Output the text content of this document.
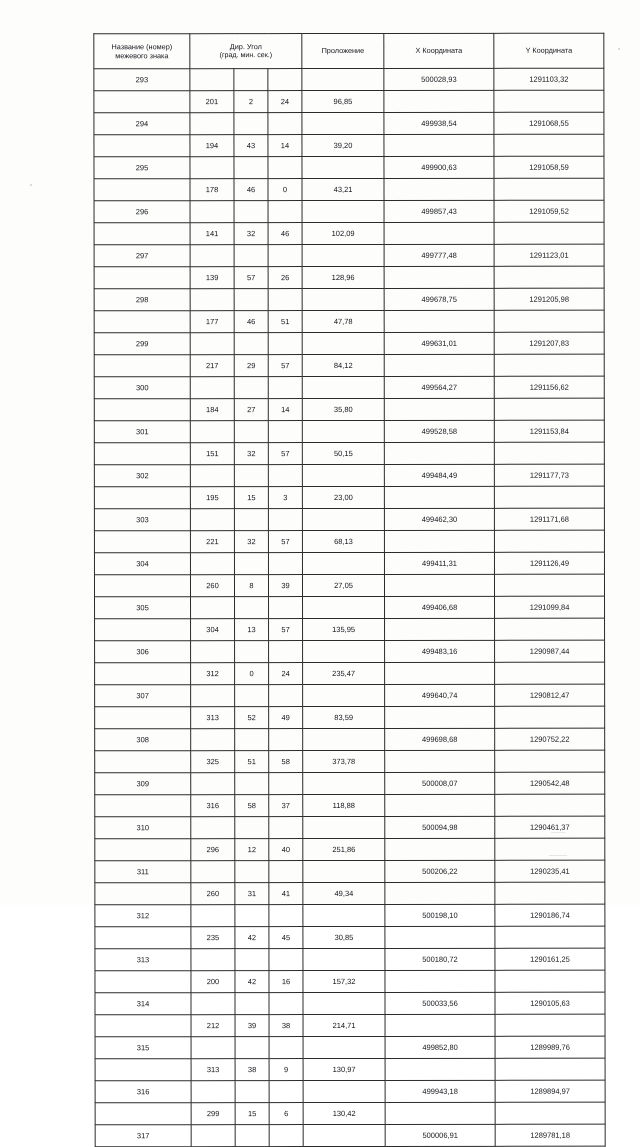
Название (номер) межевого знака	Дир. Угол
(град. мин. сек.)			Проложение	X Координата	Y Координата
293					500028,93	1291103,32
	201	2	24	96,85		
294					499938,54	1291068,55
	194	43	14	39,20		
295					499900,63	1291058,59
	178	46	0	43,21		
296					499857,43	1291059,52
	141	32	46	102,09		
297					499777,48	1291123,01
	139	57	26	128,96		
298					499678,75	1291205,98
	177	46	51	47,78		
299					499631,01	1291207,83
	217	29	57	84,12		
300					499564,27	1291156,62
	184	27	14	35,80		
301					499528,58	1291153,84
	151	32	57	50,15		
302					499484,49	1291177,73
	195	15	3	23,00		
303					499462,30	1291171,68
	221	32	57	68,13		
304					499411,31	1291126,49
	260	8	39	27,05		
305					499406,68	1291099,84
	304	13	57	135,95		
306					499483,16	1290987,44
	312	0	24	235,47		
307					499640,74	1290812,47
	313	52	49	83,59		
308					499698,68	1290752,22
	325	51	58	373,78		
309					500008,07	1290542,48
	316	58	37	118,88		
310					500094,98	1290461,37
	296	12	40	251,86		
311					500206,22	1290235,41
	260	31	41	49,34		
312					500198,10	1290186,74
	235	42	45	30,85		
313					500180,72	1290161,25
	200	42	16	157,32		
314					500033,56	1290105,63
	212	39	38	214,71		
315					499852,80	1289989,76
	313	38	9	130,97		
316					499943,18	1289894,97
	299	15	6	130,42		
317					500006,91	1289781,18
